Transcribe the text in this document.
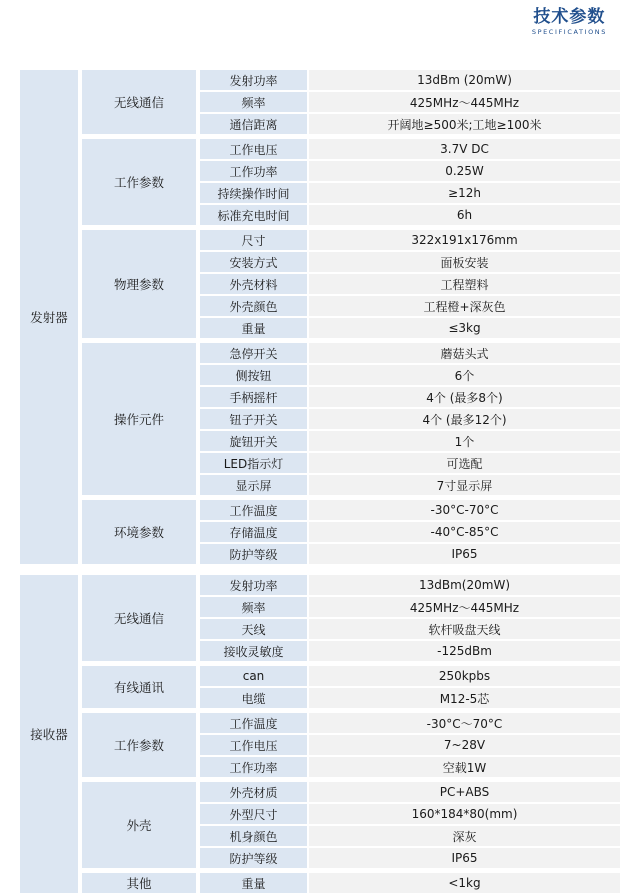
技术参数
SPECIFICATIONS
发射器
无线通信
发射功率	13dBm (20mW)
频率	425MHz～445MHz
通信距离	开阔地≥500米;工地≥100米
工作参数
工作电压	3.7V DC
工作功率	0.25W
持续操作时间	≥12h
标准充电时间	6h
物理参数
尺寸	322x191x176mm
安装方式	面板安装
外壳材料	工程塑料
外壳颜色	工程橙+深灰色
重量	≤3kg
操作元件
急停开关	蘑菇头式
侧按钮	6个
手柄摇杆	4个 (最多8个)
钮子开关	4个 (最多12个)
旋钮开关	1个
LED指示灯	可选配
显示屏	7寸显示屏
环境参数
工作温度	-30°C-70°C
存储温度	-40°C-85°C
防护等级	IP65
接收器
无线通信
发射功率	13dBm(20mW)
频率	425MHz～445MHz
天线	软杆吸盘天线
接收灵敏度	-125dBm
有线通讯
can	250kpbs
电缆	M12-5芯
工作参数
工作温度	-30°C～70°C
工作电压	7~28V
工作功率	空载1W
外壳
外壳材质	PC+ABS
外型尺寸	160*184*80(mm)
机身颜色	深灰
防护等级	IP65
其他	重量	<1kg
